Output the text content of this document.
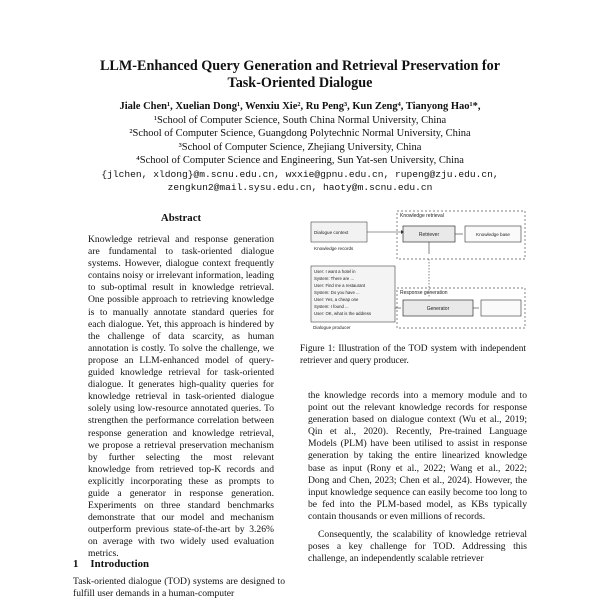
LLM-Enhanced Query Generation and Retrieval Preservation for
Task-Oriented Dialogue
Jiale Chen¹, Xuelian Dong¹, Wenxiu Xie², Ru Peng³, Kun Zeng⁴, Tianyong Hao¹*,
¹School of Computer Science, South China Normal University, China
²School of Computer Science, Guangdong Polytechnic Normal University, China
³School of Computer Science, Zhejiang University, China
⁴School of Computer Science and Engineering, Sun Yat-sen University, China
{jlchen, xldong}@m.scnu.edu.cn, wxxie@gpnu.edu.cn, rupeng@zju.edu.cn,
zengkun2@mail.sysu.edu.cn, haoty@m.scnu.edu.cn
Abstract
Knowledge retrieval and response generation are fundamental to task-oriented dialogue systems. However, dialogue context frequently contains noisy or irrelevant information, leading to sub-optimal result in knowledge retrieval. One possible approach to retrieving knowledge is to manually annotate standard queries for each dialogue. Yet, this approach is hindered by the challenge of data scarcity, as human annotation is costly. To solve the challenge, we propose an LLM-enhanced model of query-guided knowledge retrieval for task-oriented dialogue. It generates high-quality queries for knowledge retrieval in task-oriented dialogue solely using low-resource annotated queries. To strengthen the performance correlation between response generation and knowledge retrieval, we propose a retrieval preservation mechanism by further selecting the most relevant knowledge from retrieved top-K records and explicitly incorporating these as prompts to guide a generator in response generation. Experiments on three standard benchmarks demonstrate that our model and mechanism outperform previous state-of-the-art by 3.26% on average with two widely used evaluation metrics.
1 Introduction
Task-oriented dialogue (TOD) systems are designed to fulfill user demands in a human-computer
Knowledge retrieval
Dialogue context
Knowledge records
Retriever	Knowledge base
User: I want a hotel in
System: There are ...
User: Find me a restaurant
System: Do you have ...
User: Yes, a cheap one
System: I found ...
User: OK, what is the address
Dialogue producer
Response generation
Generator
Figure 1: Illustration of the TOD system with independent retriever and query producer.

the knowledge records into a memory module and to point out the relevant knowledge records for response generation based on dialogue context (Wu et al., 2019; Qin et al., 2020). Recently, Pre-trained Language Models (PLM) have been utilised to assist in response generation by taking the entire linearized knowledge base as input (Rony et al., 2022; Wang et al., 2022; Dong and Chen, 2023; Chen et al., 2024). However, the input knowledge sequence can easily become too long to be fed into the PLM-based model, as KBs typically contain thousands or even millions of records.

Consequently, the scalability of knowledge retrieval poses a key challenge for TOD. Addressing this challenge, an independently scalable retriever
